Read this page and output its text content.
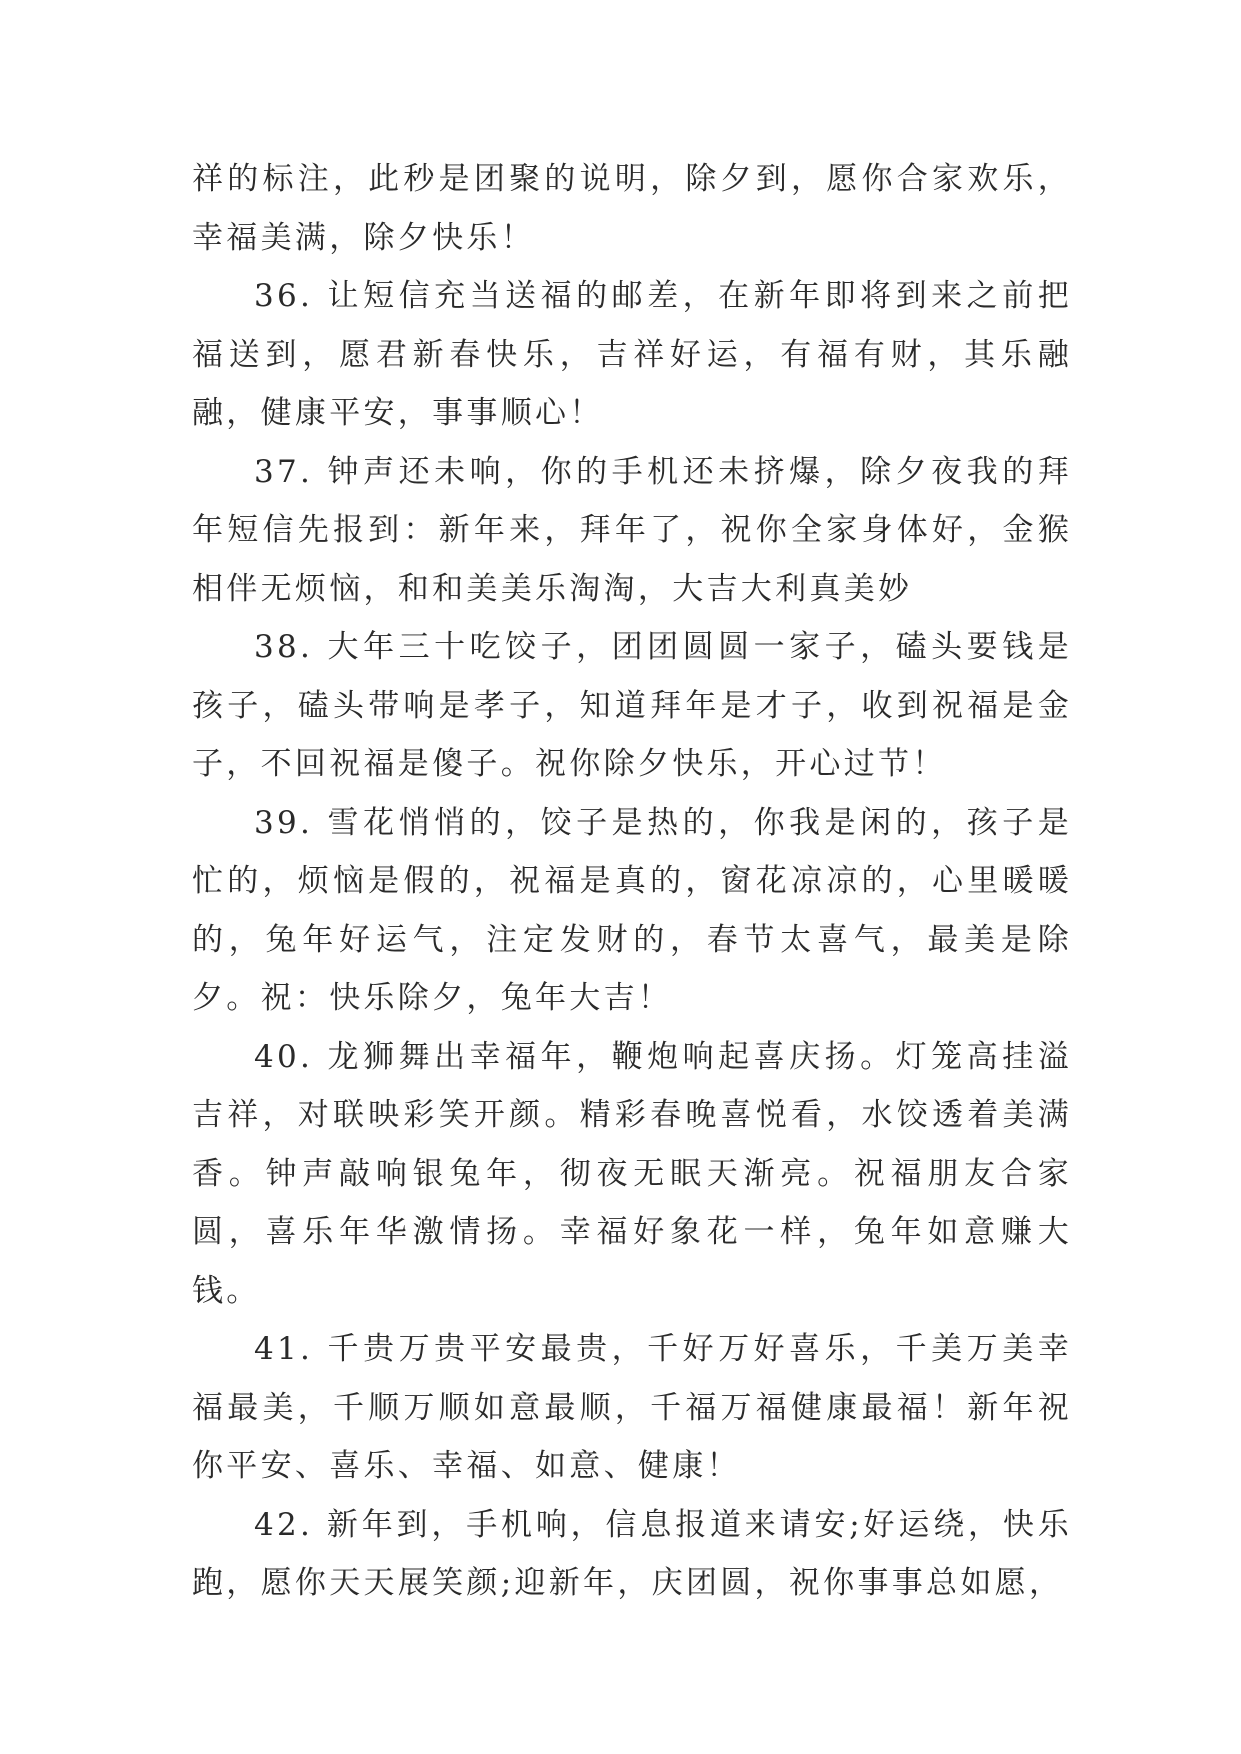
祥的标注，此秒是团聚的说明，除夕到，愿你合家欢乐，幸福美满，除夕快乐！

36. 让短信充当送福的邮差，在新年即将到来之前把福送到，愿君新春快乐，吉祥好运，有福有财，其乐融融，健康平安，事事顺心！

37. 钟声还未响，你的手机还未挤爆，除夕夜我的拜年短信先报到：新年来，拜年了，祝你全家身体好，金猴相伴无烦恼，和和美美乐淘淘，大吉大利真美妙

38. 大年三十吃饺子，团团圆圆一家子，磕头要钱是孩子，磕头带响是孝子，知道拜年是才子，收到祝福是金子，不回祝福是傻子。祝你除夕快乐，开心过节！

39. 雪花悄悄的，饺子是热的，你我是闲的，孩子是忙的，烦恼是假的，祝福是真的，窗花凉凉的，心里暖暖的，兔年好运气，注定发财的，春节太喜气，最美是除夕。祝：快乐除夕，兔年大吉！

40. 龙狮舞出幸福年，鞭炮响起喜庆扬。灯笼高挂溢吉祥，对联映彩笑开颜。精彩春晚喜悦看，水饺透着美满香。钟声敲响银兔年，彻夜无眠天渐亮。祝福朋友合家圆，喜乐年华激情扬。幸福好象花一样，兔年如意赚大钱。

41. 千贵万贵平安最贵，千好万好喜乐，千美万美幸福最美，千顺万顺如意最顺，千福万福健康最福！新年祝你平安、喜乐、幸福、如意、健康！

42. 新年到，手机响，信息报道来请安;好运绕，快乐跑，愿你天天展笑颜;迎新年，庆团圆，祝你事事总如愿，
